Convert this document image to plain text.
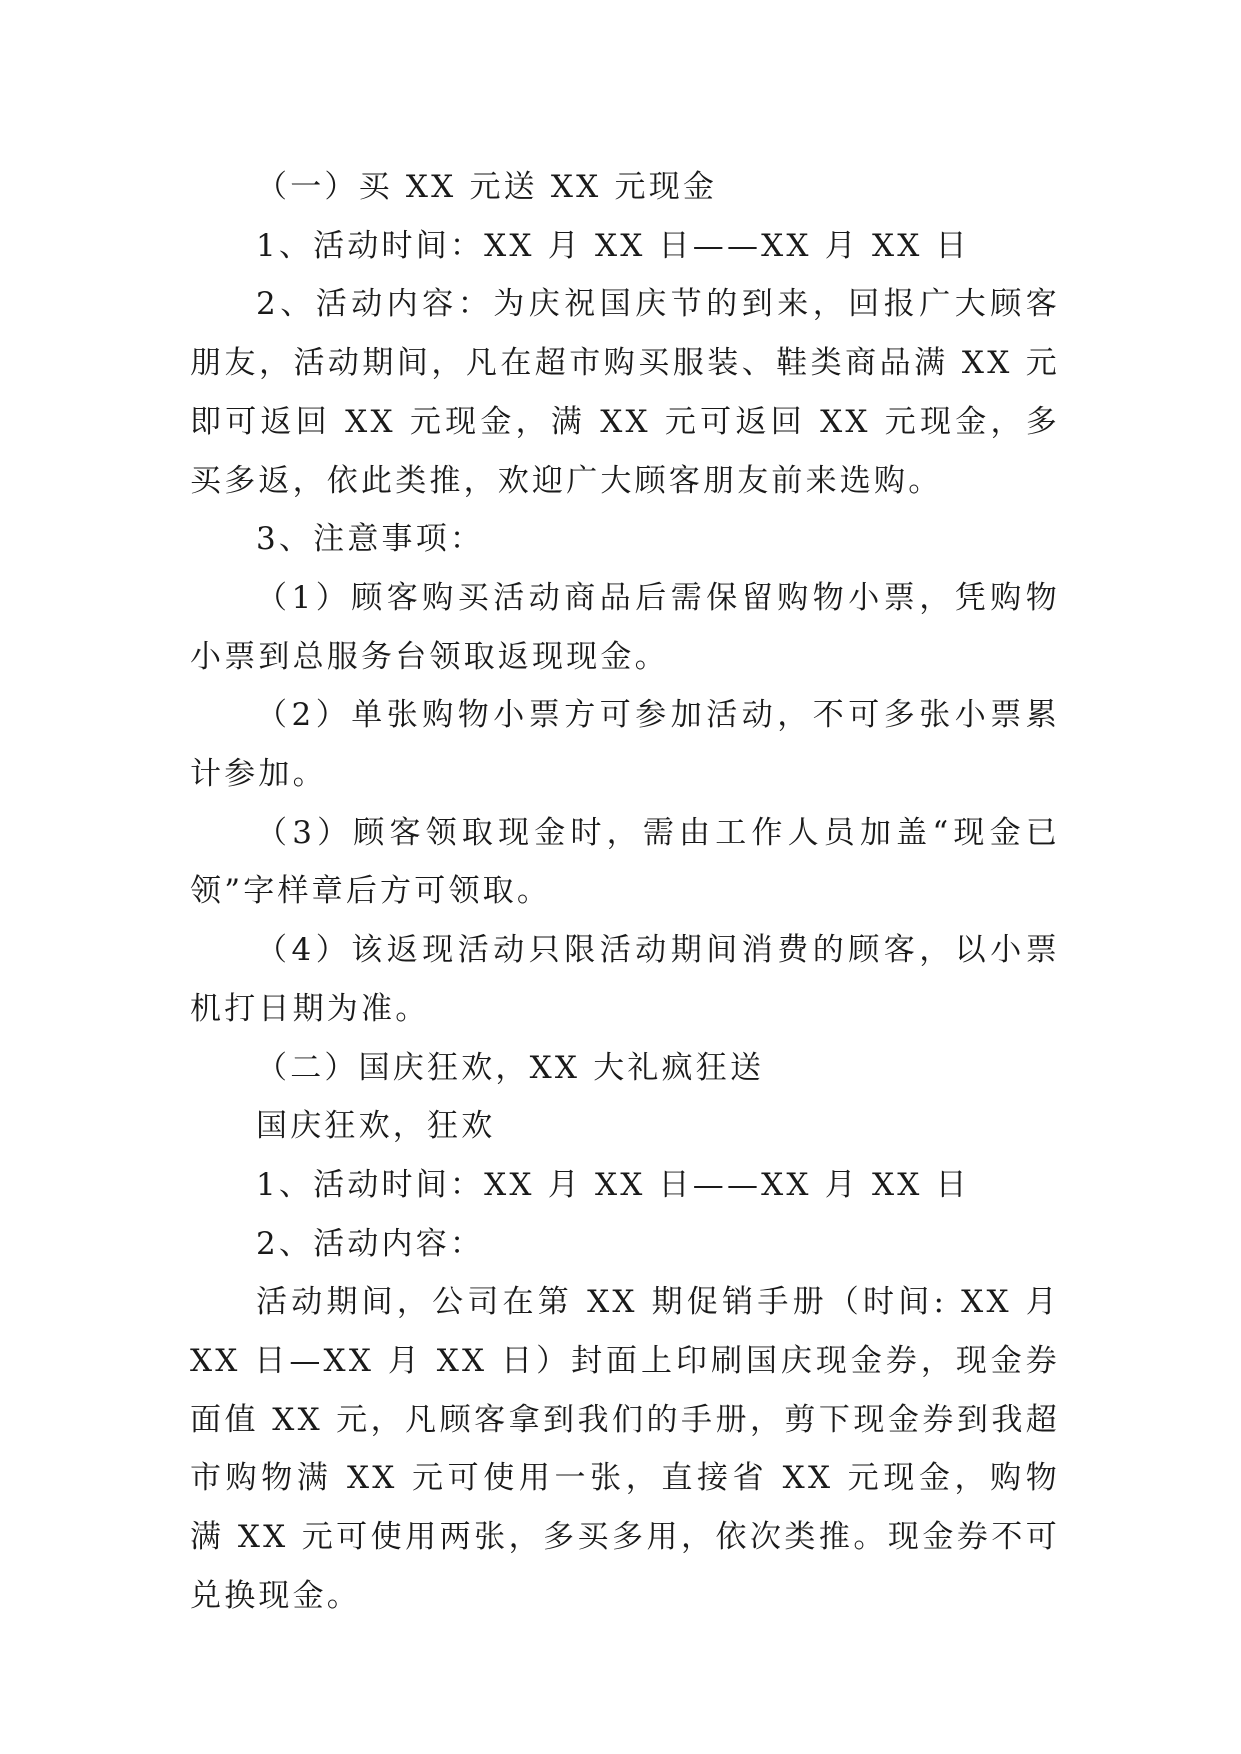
（一）买 XX 元送 XX 元现金

1、活动时间：XX 月 XX 日——XX 月 XX 日

2、活动内容：为庆祝国庆节的到来，回报广大顾客朋友，活动期间，凡在超市购买服装、鞋类商品满 XX 元即可返回 XX 元现金，满 XX 元可返回 XX 元现金，多买多返，依此类推，欢迎广大顾客朋友前来选购。

3、注意事项：

（1）顾客购买活动商品后需保留购物小票，凭购物小票到总服务台领取返现现金。

（2）单张购物小票方可参加活动，不可多张小票累计参加。

（3）顾客领取现金时，需由工作人员加盖“现金已领”字样章后方可领取。

（4）该返现活动只限活动期间消费的顾客，以小票机打日期为准。

（二）国庆狂欢，XX 大礼疯狂送

国庆狂欢，狂欢

1、活动时间：XX 月 XX 日——XX 月 XX 日

2、活动内容：

活动期间，公司在第 XX 期促销手册（时间: XX 月 XX 日—XX 月 XX 日）封面上印刷国庆现金券，现金券面值 XX 元，凡顾客拿到我们的手册，剪下现金券到我超市购物满 XX 元可使用一张，直接省 XX 元现金，购物满 XX 元可使用两张，多买多用，依次类推。现金券不可兑换现金。
